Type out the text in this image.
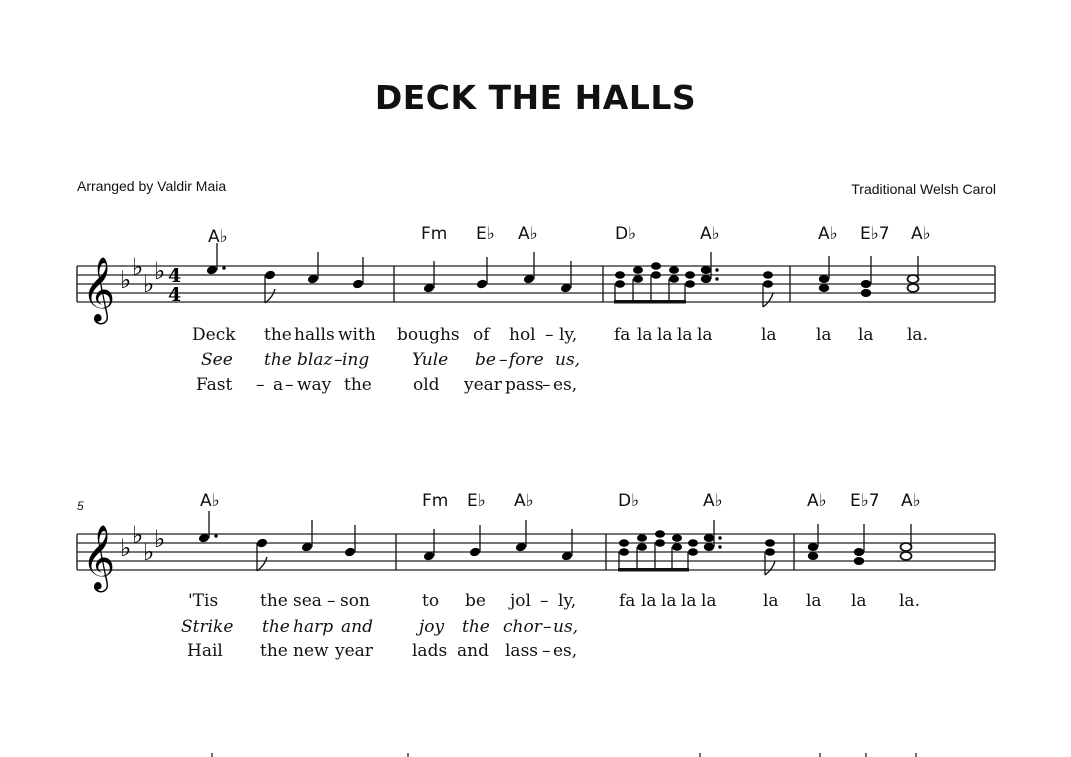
DECK THE HALLS
Arranged by Valdir Maia	Traditional Welsh Carol
𝄞 ♭ ♭
♭ ♭ 4
4
𝄞 ♭ ♭
♭ ♭
5
A♭	Fm E♭ A♭	D♭	A♭	A♭ E♭7 A♭
Deck the halls with boughs of hol – ly, fa la la la la	la la la la.
See the blaz – ing	Yule be – fore us,
Fast – a – way the old year pass
– es,
A♭	Fm E♭ A♭	D♭	A♭	A♭ E♭7 A♭
'Tis the sea – son	to be jol – ly,	fa la la la la	la la la la.
Strike the harp and	joy the chor – us,
Hail the new year lads and lass – es,
